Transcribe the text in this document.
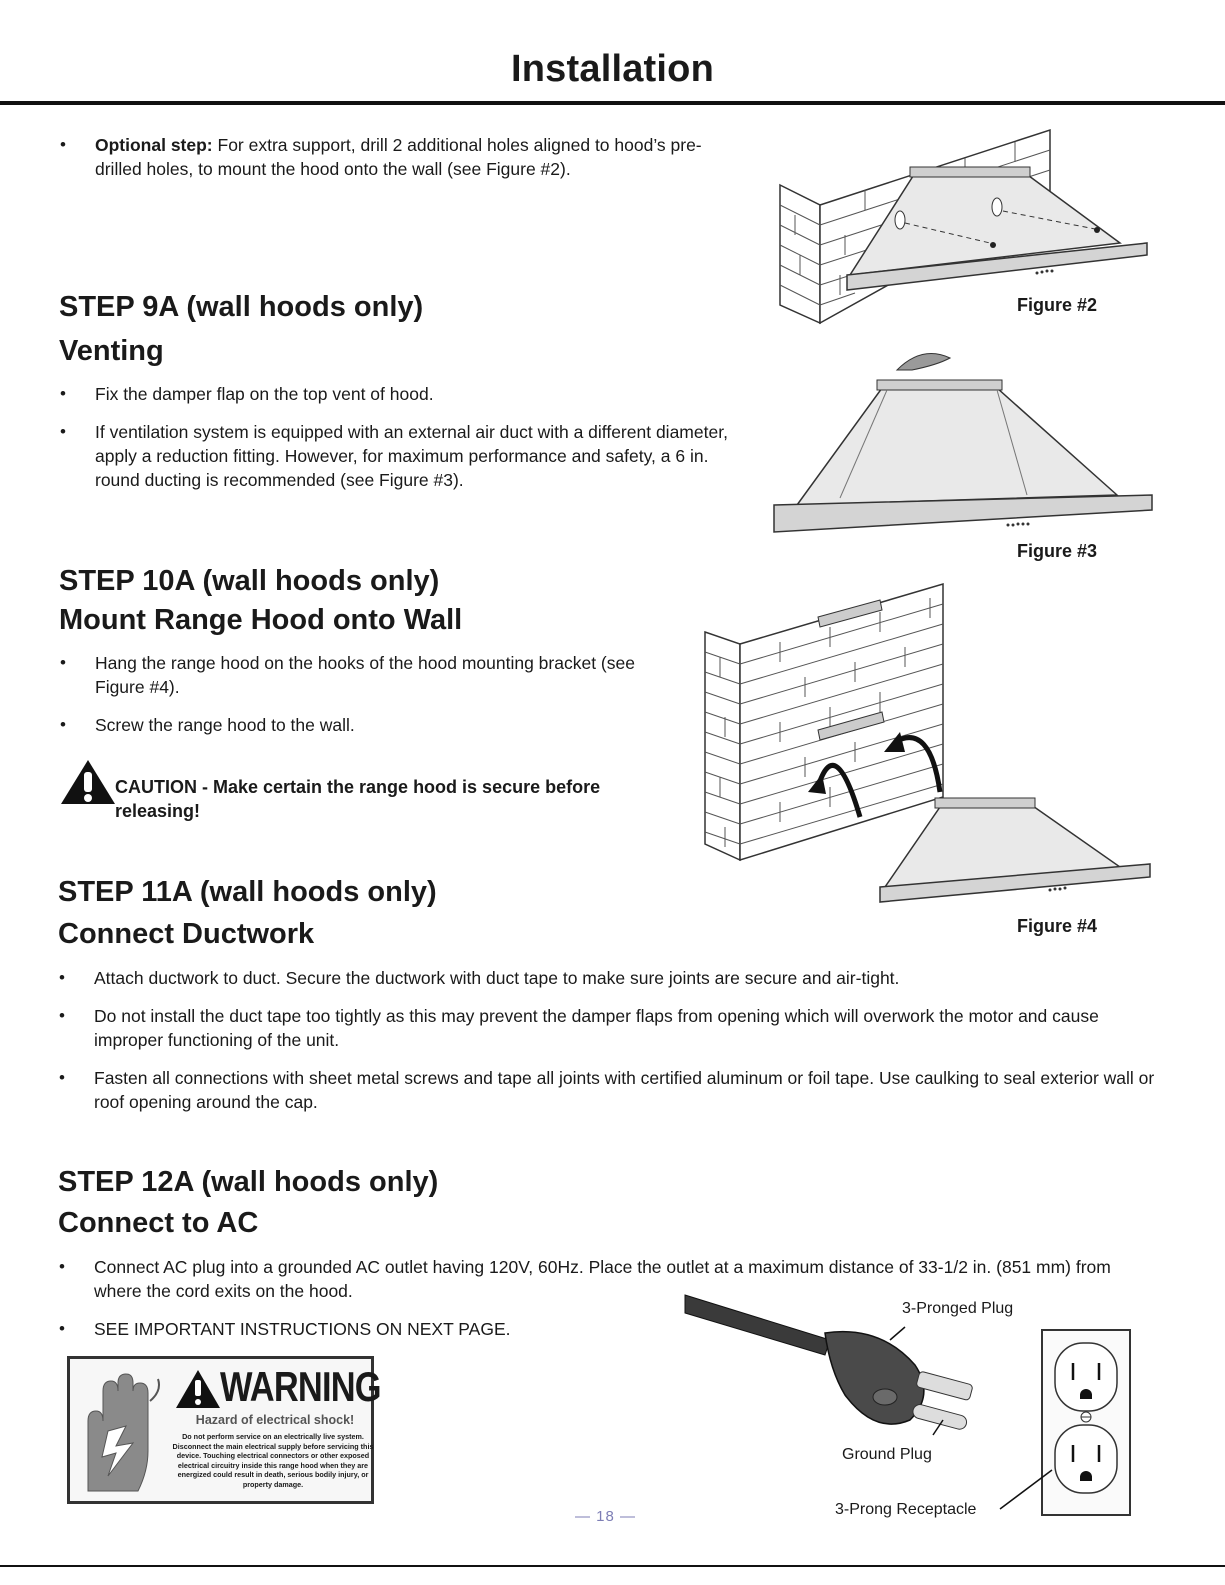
Installation
• Optional step: For extra support, drill 2 additional holes aligned to hood’s pre-drilled holes, to mount the hood onto the wall (see Figure #2).
STEP 9A (wall hoods only)
Venting
• Fix the damper flap on the top vent of hood.
• If ventilation system is equipped with an external air duct with a different diameter, apply a reduction fitting. However, for maximum performance and safety, a 6 in. round ducting is recommended (see Figure #3).
STEP 10A (wall hoods only)
Mount Range Hood onto Wall
• Hang the range hood on the hooks of the hood mounting bracket (see Figure #4).
• Screw the range hood to the wall.
CAUTION - Make certain the range hood is secure before releasing!
STEP 11A (wall hoods only)
Connect Ductwork
• Attach ductwork to duct. Secure the ductwork with duct tape to make sure joints are secure and air-tight.
• Do not install the duct tape too tightly as this may prevent the damper flaps from opening which will overwork the motor and cause improper functioning of the unit.
• Fasten all connections with sheet metal screws and tape all joints with certified aluminum or foil tape. Use caulking to seal exterior wall or roof opening around the cap.
STEP 12A (wall hoods only)
Connect to AC
• Connect AC plug into a grounded AC outlet having 120V, 60Hz. Place the outlet at a maximum distance of 33-1/2 in. (851 mm) from where the cord exits on the hood.
• SEE IMPORTANT INSTRUCTIONS ON NEXT PAGE.
Figure #2
Figure #3
Figure #4
3-Pronged Plug
Ground Plug
3-Prong Receptacle
WARNING
Hazard of electrical shock!
Do not perform service on an electrically live system. Disconnect the main electrical supply before servicing this device. Touching electrical connectors or other exposed electrical circuitry inside this range hood when they are energized could result in death, serious bodily injury, or property damage.
— 18 —
